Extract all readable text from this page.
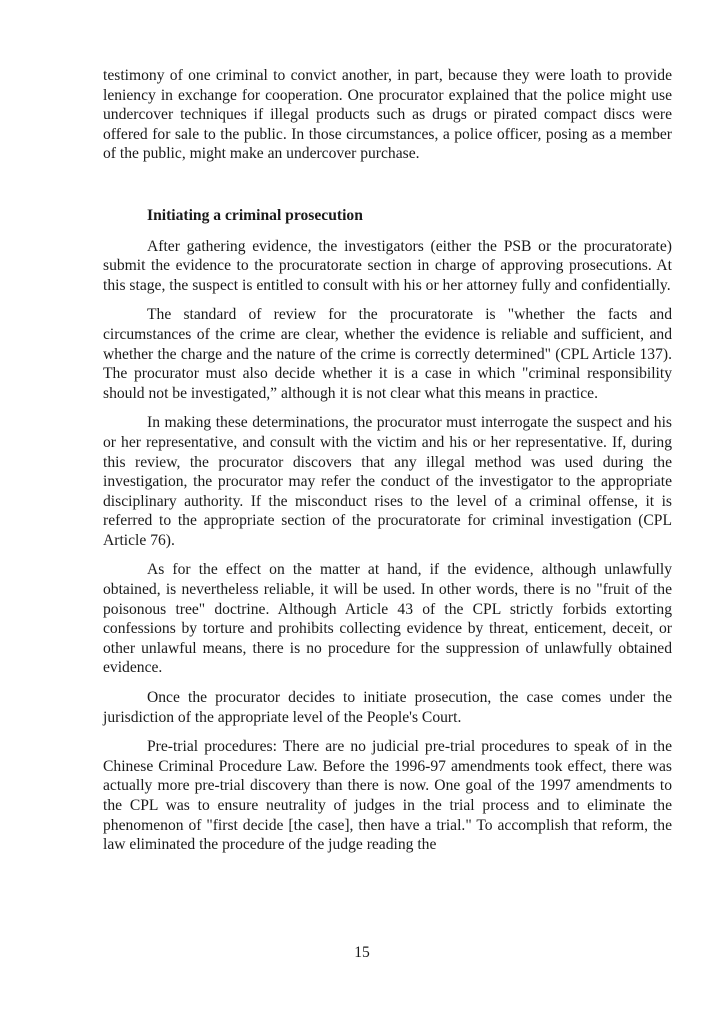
testimony of one criminal to convict another, in part, because they were loath to provide leniency in exchange for cooperation. One procurator explained that the police might use undercover techniques if illegal products such as drugs or pirated compact discs were offered for sale to the public. In those circumstances, a police officer, posing as a member of the public, might make an undercover purchase.

Initiating a criminal prosecution

After gathering evidence, the investigators (either the PSB or the procuratorate) submit the evidence to the procuratorate section in charge of approving prosecutions. At this stage, the suspect is entitled to consult with his or her attorney fully and confidentially.

The standard of review for the procuratorate is "whether the facts and circumstances of the crime are clear, whether the evidence is reliable and sufficient, and whether the charge and the nature of the crime is correctly determined" (CPL Article 137). The procurator must also decide whether it is a case in which "criminal responsibility should not be investigated,” although it is not clear what this means in practice.

In making these determinations, the procurator must interrogate the suspect and his or her representative, and consult with the victim and his or her representative. If, during this review, the procurator discovers that any illegal method was used during the investigation, the procurator may refer the conduct of the investigator to the appropriate disciplinary authority. If the misconduct rises to the level of a criminal offense, it is referred to the appropriate section of the procuratorate for criminal investigation (CPL Article 76).

As for the effect on the matter at hand, if the evidence, although unlawfully obtained, is nevertheless reliable, it will be used. In other words, there is no "fruit of the poisonous tree" doctrine. Although Article 43 of the CPL strictly forbids extorting confessions by torture and prohibits collecting evidence by threat, enticement, deceit, or other unlawful means, there is no procedure for the suppression of unlawfully obtained evidence.

Once the procurator decides to initiate prosecution, the case comes under the jurisdiction of the appropriate level of the People's Court.

Pre-trial procedures: There are no judicial pre-trial procedures to speak of in the Chinese Criminal Procedure Law. Before the 1996-97 amendments took effect, there was actually more pre-trial discovery than there is now. One goal of the 1997 amendments to the CPL was to ensure neutrality of judges in the trial process and to eliminate the phenomenon of "first decide [the case], then have a trial." To accomplish that reform, the law eliminated the procedure of the judge reading the

15
